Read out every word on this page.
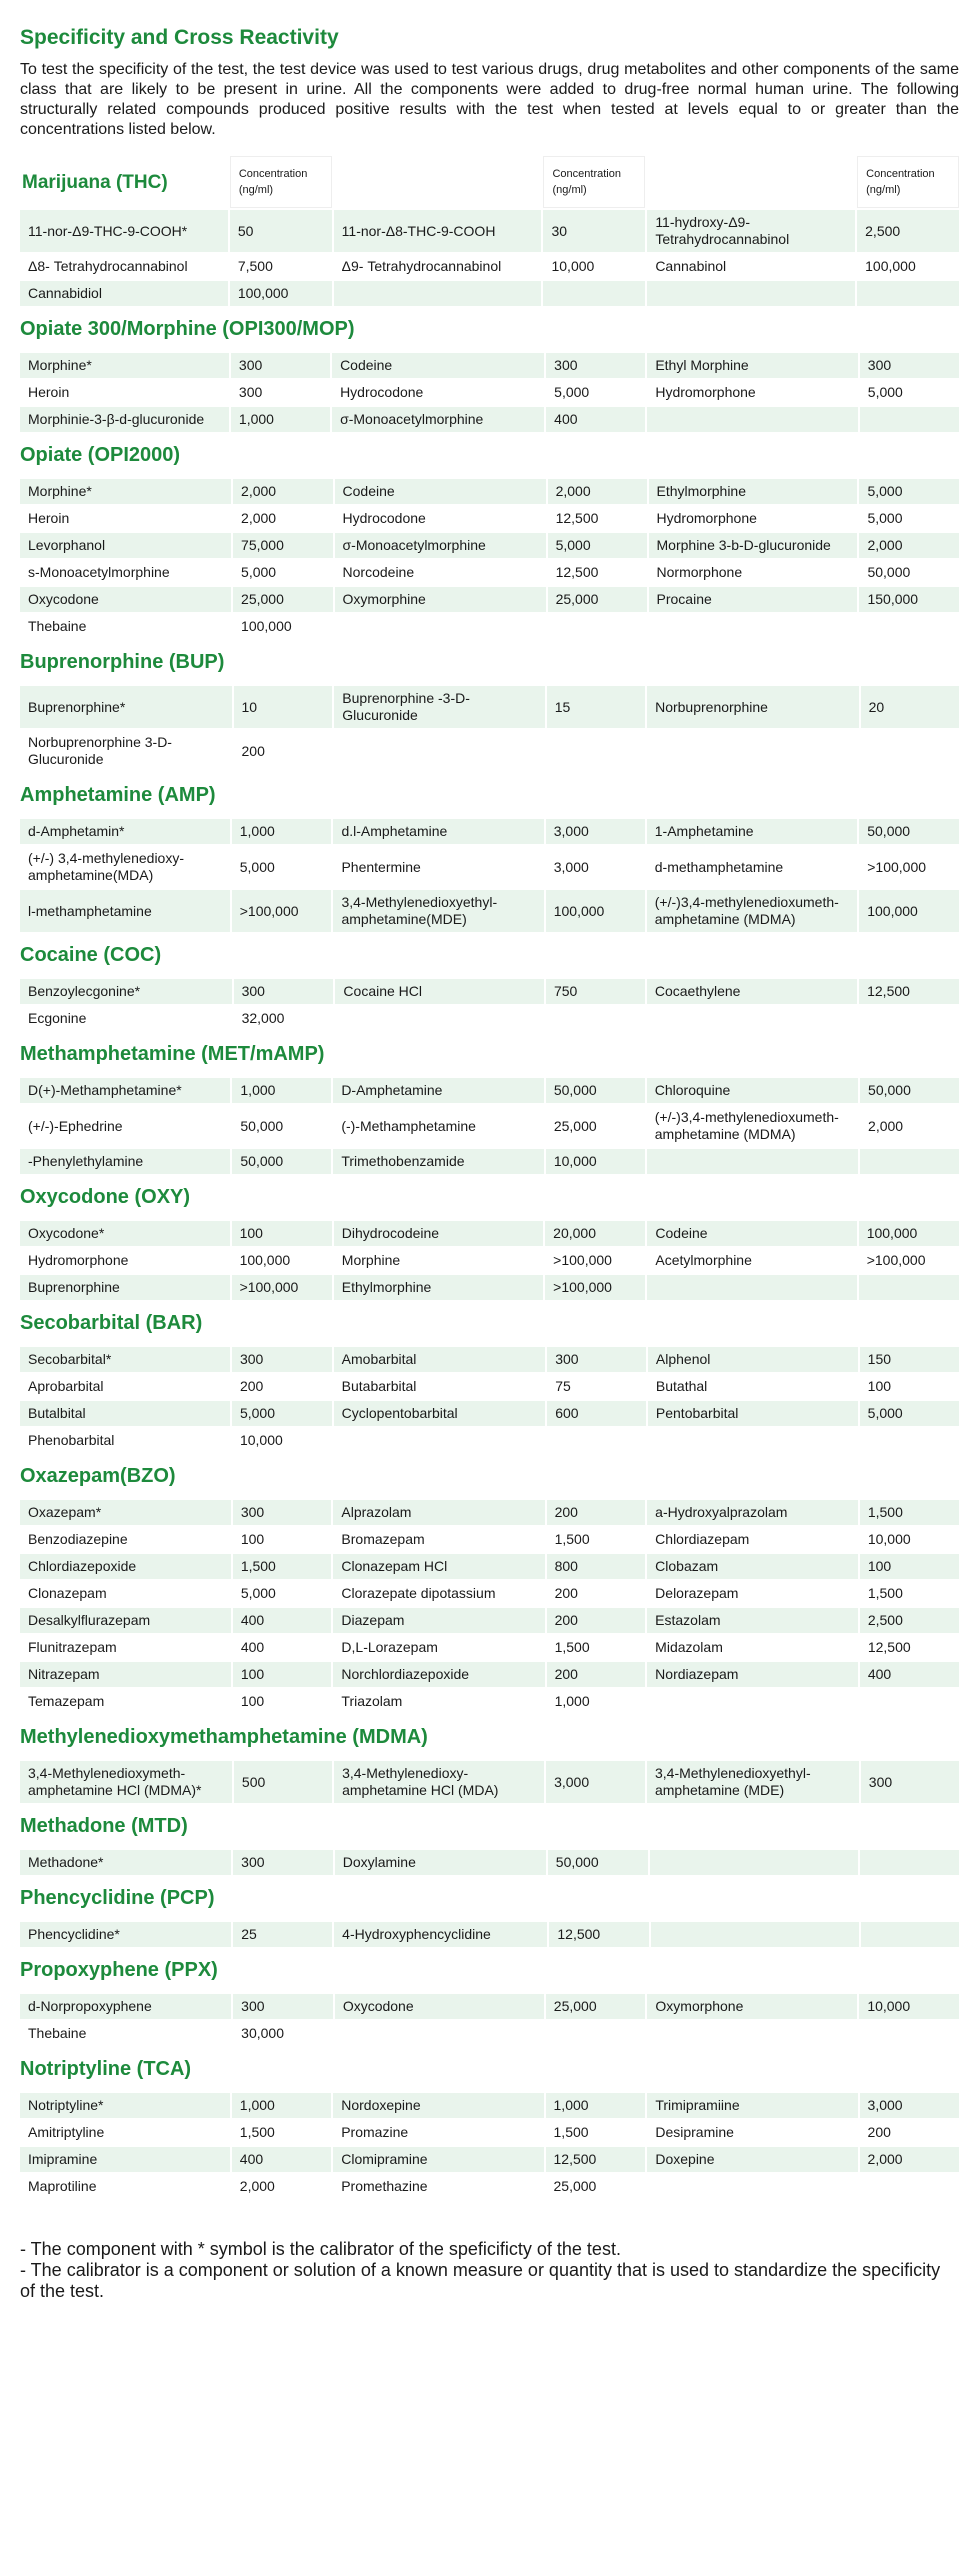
Specificity and Cross Reactivity
To test the specificity of the test, the test device was used to test various drugs, drug metabolites and other components of the same class that are likely to be present in urine. All the components were added to drug-free normal human urine. The following structurally related compounds produced positive results with the test when tested at levels equal to or greater than the concentrations listed below.
Marijuana (THC)	Concentration (ng/ml)		Concentration (ng/ml)		Concentration (ng/ml)
11-nor-Δ9-THC-9-COOH*	50	11-nor-Δ8-THC-9-COOH	30	11-hydroxy-Δ9-Tetrahydrocannabinol	2,500
Δ8- Tetrahydrocannabinol	7,500	Δ9- Tetrahydrocannabinol	10,000	Cannabinol	100,000
Cannabidiol	100,000				
Opiate 300/Morphine (OPI300/MOP)
Morphine*	300	Codeine	300	Ethyl Morphine	300
Heroin	300	Hydrocodone	5,000	Hydromorphone	5,000
Morphinie-3-β-d-glucuronide	1,000	σ-Monoacetylmorphine	400		
Opiate (OPI2000)
Morphine*	2,000	Codeine	2,000	Ethylmorphine	5,000
Heroin	2,000	Hydrocodone	12,500	Hydromorphone	5,000
Levorphanol	75,000	σ-Monoacetylmorphine	5,000	Morphine 3-b-D-glucuronide	2,000
s-Monoacetylmorphine	5,000	Norcodeine	12,500	Normorphone	50,000
Oxycodone	25,000	Oxymorphine	25,000	Procaine	150,000
Thebaine	100,000				
Buprenorphine (BUP)
Buprenorphine*	10	Buprenorphine -3-D-Glucuronide	15	Norbuprenorphine	20
Norbuprenorphine 3-D-Glucuronide	200				
Amphetamine (AMP)
d-Amphetamin*	1,000	d.l-Amphetamine	3,000	1-Amphetamine	50,000
(+/-) 3,4-methylenedioxy-amphetamine(MDA)	5,000	Phentermine	3,000	d-methamphetamine	>100,000
l-methamphetamine	>100,000	3,4-Methylenedioxyethyl-amphetamine(MDE)	100,000	(+/-)3,4-methylenedioxumeth-amphetamine (MDMA)	100,000
Cocaine (COC)
Benzoylecgonine*	300	Cocaine HCl	750	Cocaethylene	12,500
Ecgonine	32,000				
Methamphetamine (MET/mAMP)
D(+)-Methamphetamine*	1,000	D-Amphetamine	50,000	Chloroquine	50,000
(+/-)-Ephedrine	50,000	(-)-Methamphetamine	25,000	(+/-)3,4-methylenedioxumeth-amphetamine (MDMA)	2,000
-Phenylethylamine	50,000	Trimethobenzamide	10,000		
Oxycodone (OXY)
Oxycodone*	100	Dihydrocodeine	20,000	Codeine	100,000
Hydromorphone	100,000	Morphine	>100,000	Acetylmorphine	>100,000
Buprenorphine	>100,000	Ethylmorphine	>100,000		
Secobarbital (BAR)
Secobarbital*	300	Amobarbital	300	Alphenol	150
Aprobarbital	200	Butabarbital	75	Butathal	100
Butalbital	5,000	Cyclopentobarbital	600	Pentobarbital	5,000
Phenobarbital	10,000				
Oxazepam(BZO)
Oxazepam*	300	Alprazolam	200	a-Hydroxyalprazolam	1,500
Benzodiazepine	100	Bromazepam	1,500	Chlordiazepam	10,000
Chlordiazepoxide	1,500	Clonazepam HCl	800	Clobazam	100
Clonazepam	5,000	Clorazepate dipotassium	200	Delorazepam	1,500
Desalkylflurazepam	400	Diazepam	200	Estazolam	2,500
Flunitrazepam	400	D,L-Lorazepam	1,500	Midazolam	12,500
Nitrazepam	100	Norchlordiazepoxide	200	Nordiazepam	400
Temazepam	100	Triazolam	1,000		
Methylenedioxymethamphetamine (MDMA)
3,4-Methylenedioxymeth-amphetamine HCl (MDMA)*	500	3,4-Methylenedioxy-amphetamine HCl (MDA)	3,000	3,4-Methylenedioxyethyl-amphetamine (MDE)	300
Methadone (MTD)
Methadone*	300	Doxylamine	50,000		
Phencyclidine (PCP)
Phencyclidine*	25	4-Hydroxyphencyclidine	12,500		
Propoxyphene (PPX)
d-Norpropoxyphene	300	Oxycodone	25,000	Oxymorphone	10,000
Thebaine	30,000				
Notriptyline (TCA)
Notriptyline*	1,000	Nordoxepine	1,000	Trimipramiine	3,000
Amitriptyline	1,500	Promazine	1,500	Desipramine	200
Imipramine	400	Clomipramine	12,500	Doxepine	2,000
Maprotiline	2,000	Promethazine	25,000		
- The component with * symbol is the calibrator of the speficificty of the test.
- The calibrator is a component or solution of a known measure or quantity that is used to standardize the specificity of the test.
